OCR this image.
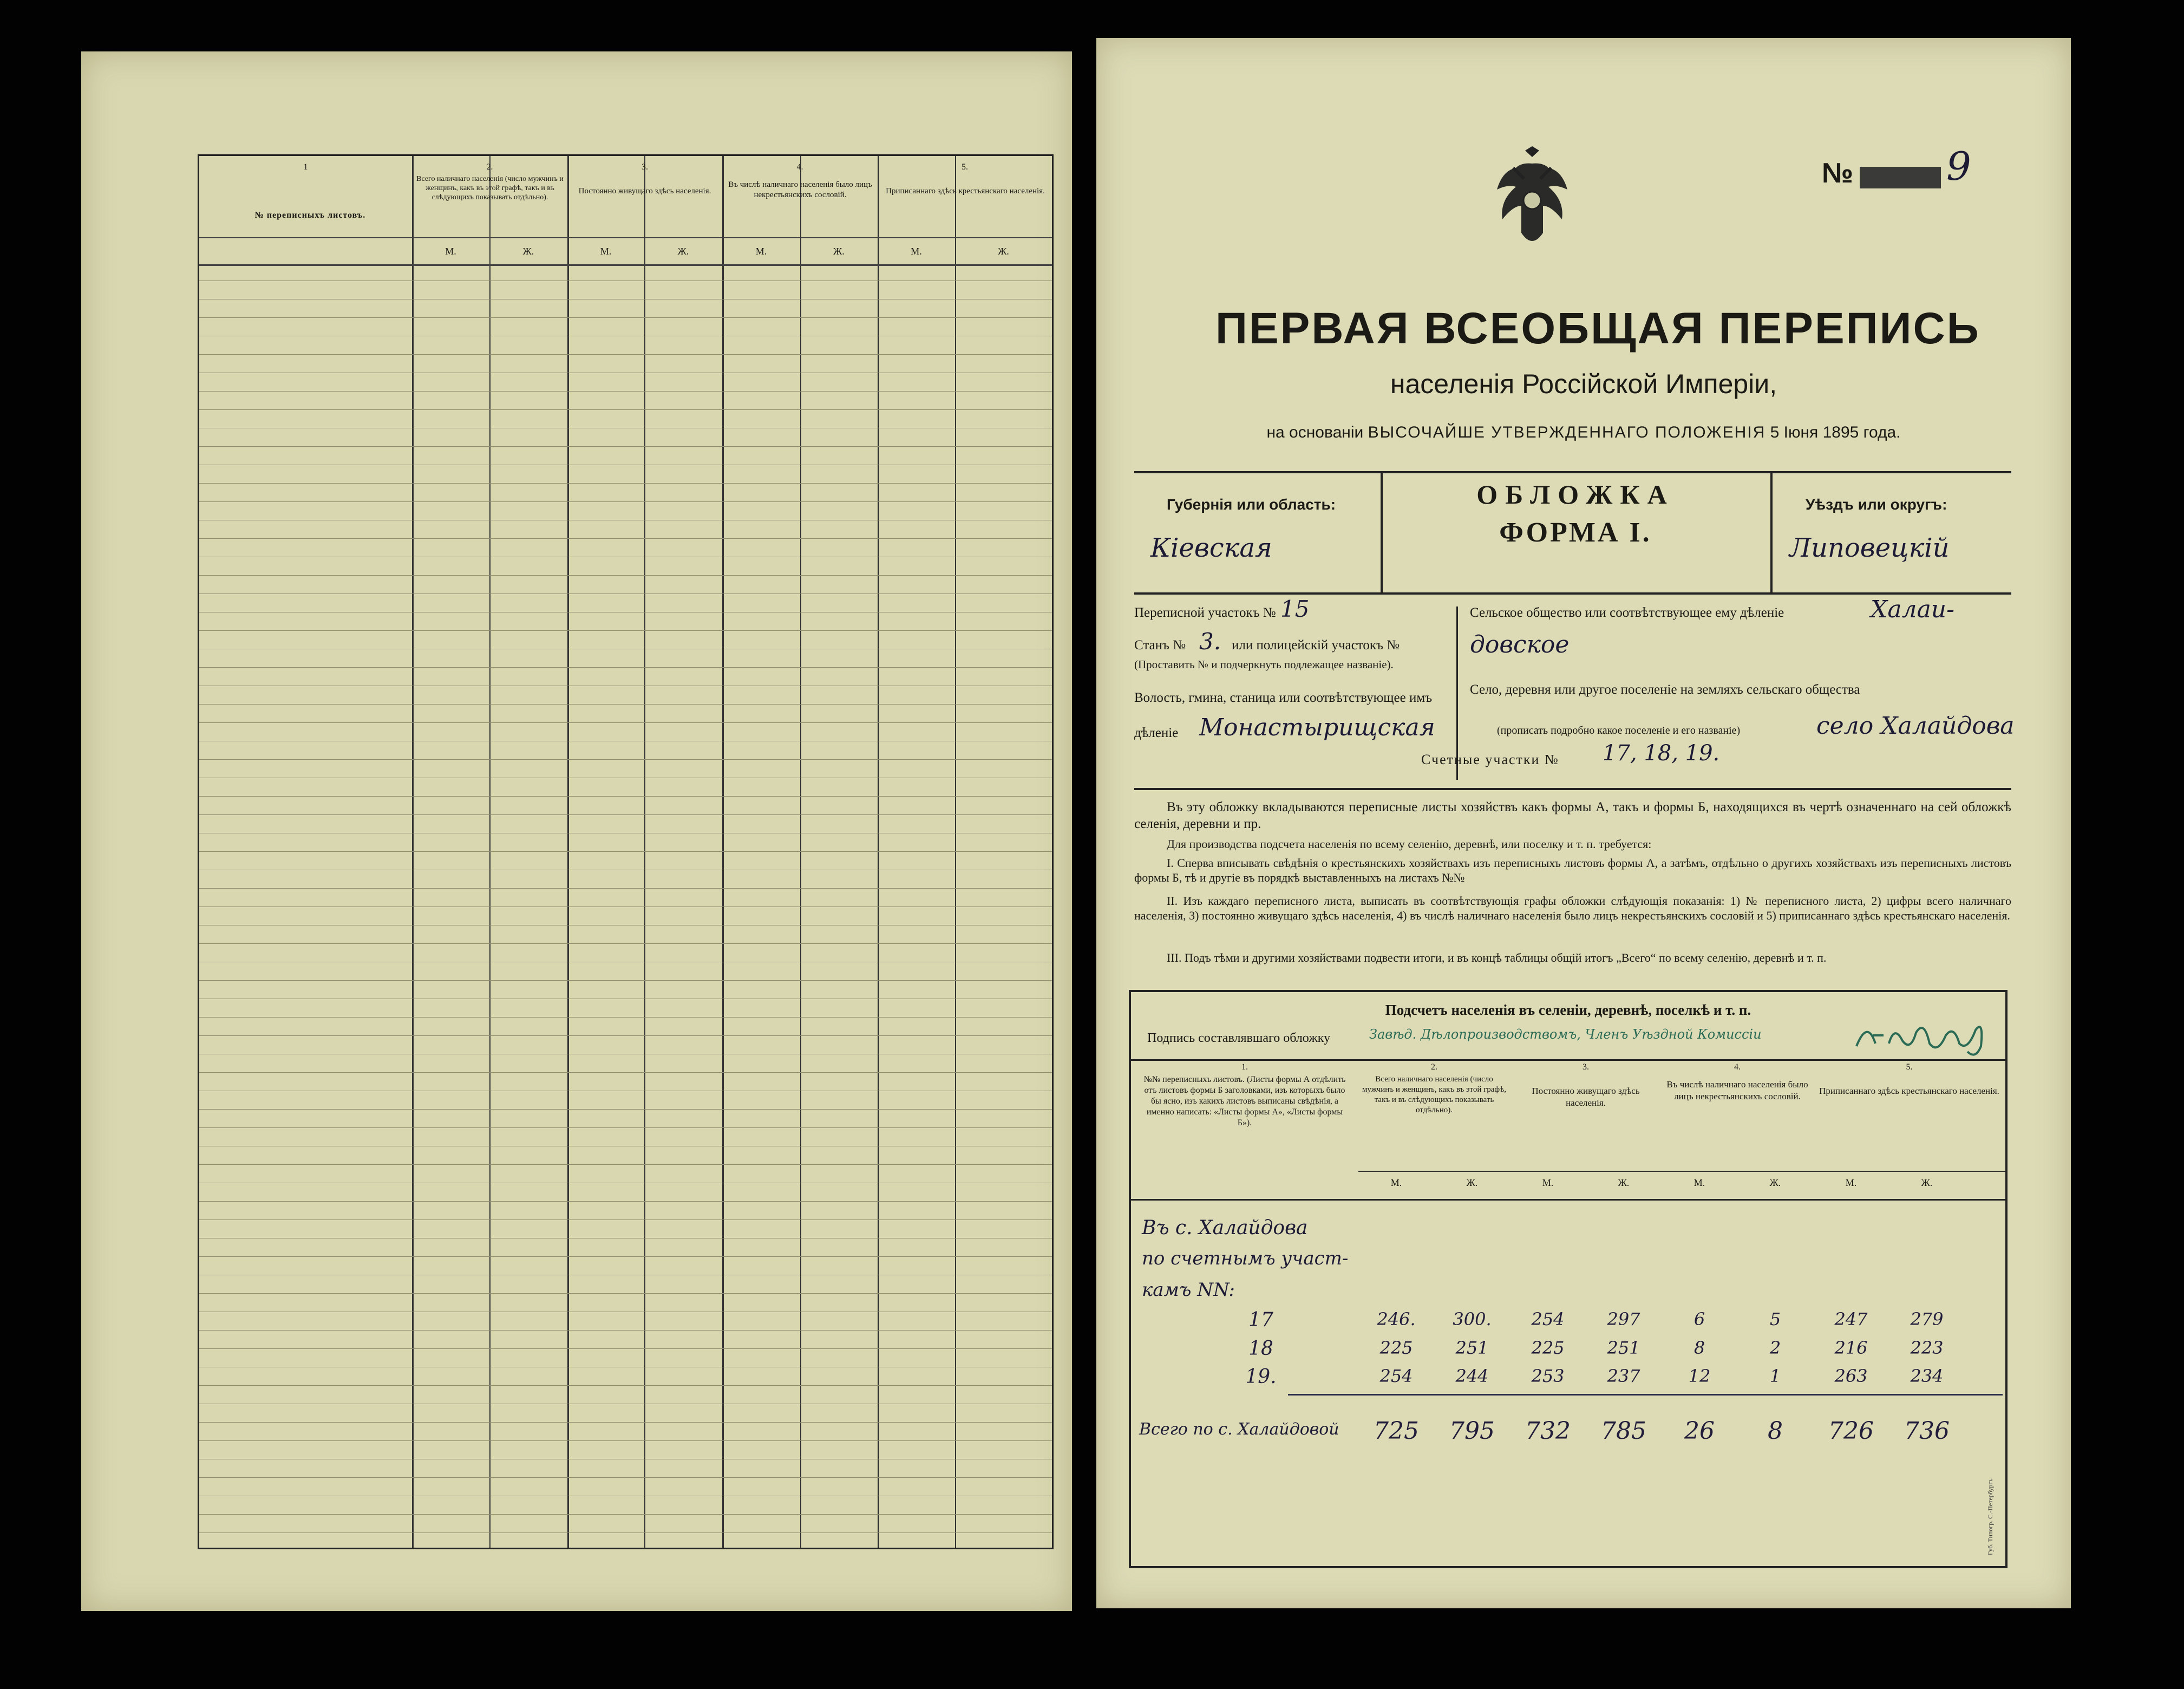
1	2.	3.	4.	5.
№ переписныхъ листовъ.
Всего наличнаго населенія (число мужчинъ и женщинъ, какъ въ этой графѣ, такъ и въ слѣдующихъ показывать отдѣльно).
Постоянно живущаго здѣсь населенія.
Въ числѣ наличнаго населенія было лицъ некрестьянскихъ сословій.	Приписаннаго здѣсь крестьянскаго населенія.
М.	Ж.	М.	Ж.	М.	Ж.	М.	Ж.
№ 9
ПЕРВАЯ ВСЕОБЩАЯ ПЕРЕПИСЬ
населенія Россійской Имперіи,
на основаніи ВЫСОЧАЙШЕ УТВЕРЖДЕННАГО ПОЛОЖЕНІЯ 5 Іюня 1895 года.
Губернія или область:
Кіевская
ОБЛОЖКА
ФОРМА I.
Уѣздъ или округъ:
Липовецкій
Переписной участокъ № 15
Станъ № 3. или полицейскій участокъ №
(Проставить № и подчеркнуть подлежащее названіе).
Волость, гмина, станица или соотвѣтствующее имъ
дѣленіе Монастырищская
Сельское общество или соотвѣтствующее ему дѣленіе	Халаи-
довское
Село, деревня или другое поселеніе на земляхъ сельскаго общества
(прописать подробно какое поселеніе и его названіе)	село Халайдова
Счетные участки № 17, 18, 19.
Въ эту обложку вкладываются переписные листы хозяйствъ какъ формы А, такъ и формы Б, находящихся въ чертѣ означеннаго на сей обложкѣ селенія, деревни и пр.
Для производства подсчета населенія по всему селенію, деревнѣ, или поселку и т. п. требуется:
I. Сперва вписывать свѣдѣнія о крестьянскихъ хозяйствахъ изъ переписныхъ листовъ формы А, а затѣмъ, отдѣльно о другихъ хозяйствахъ изъ переписныхъ листовъ формы Б, тѣ и другіе въ порядкѣ выставленныхъ на листахъ №№
II. Изъ каждаго переписного листа, выписать въ соотвѣтствующія графы обложки слѣдующія показанія: 1) № переписного листа, 2) цифры всего наличнаго населенія, 3) постоянно живущаго здѣсь населенія, 4) въ числѣ наличнаго населенія было лицъ некрестьянскихъ сословій и 5) приписаннаго здѣсь крестьянскаго населенія.
III. Подъ тѣми и другими хозяйствами подвести итоги, и въ концѣ таблицы общій итогъ „Всего“ по всему селенію, деревнѣ и т. п.
Подсчетъ населенія въ селеніи, деревнѣ, поселкѣ и т. п.
Подпись составлявшаго обложку	Завѣд. Дѣлопроизводствомъ, Членъ Уѣздной Комиссіи
1.	2.	3.	4.	5.
№№ переписныхъ листовъ. (Листы формы А отдѣлить отъ листовъ формы Б заголовками, изъ которыхъ было бы ясно, изъ какихъ листовъ выписаны свѣдѣнія, а именно написать: «Листы формы А», «Листы формы Б»).
Всего наличнаго населенія (число мужчинъ и женщинъ, какъ въ этой графѣ, такъ и въ слѣдующихъ показывать отдѣльно).
Постоянно живущаго здѣсь населенія.
Въ числѣ наличнаго населенія было лицъ некрестьянскихъ сословій.
Приписаннаго здѣсь крестьянскаго населенія.
М.	Ж.	М.	Ж.	М.	Ж.	М.	Ж.
Въ с. Халайдова
по счетнымъ участ-
камъ NN:
17	246.	300.	254	297	6	5	247	279
18	225	251	225	251	8	2	216	223
19.	254	244	253	237	12	1	263	234
Всего по с. Халайдовой	725	795	732	785	26	8	726	736
Губ. Типогр. С.-Петербургъ
